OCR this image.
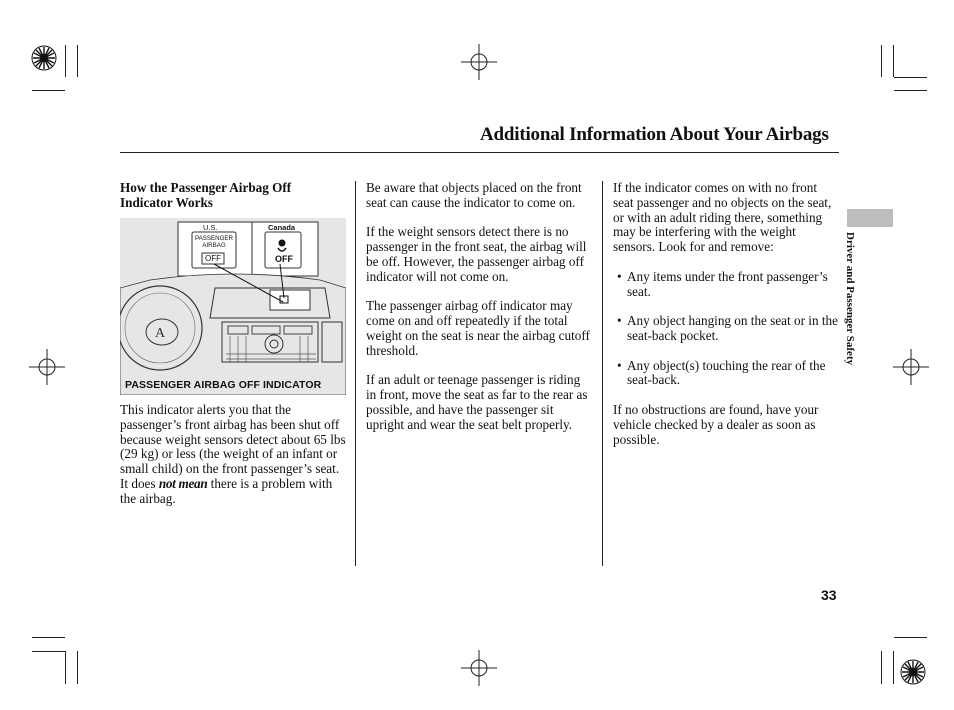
Additional Information About Your Airbags
Driver and Passenger Safety
How the Passenger Airbag Off
Indicator Works
A
U.S.	Canada
PASSENGER
AIRBAG
OFF	OFF
PASSENGER AIRBAG OFF INDICATOR

This indicator alerts you that the passenger’s front airbag has been shut off because weight sensors detect about 65 lbs (29 kg) or less (the weight of an infant or small child) on the front passenger’s seat. It does not mean there is a problem with the airbag.

Be aware that objects placed on the front seat can cause the indicator to come on.

If the weight sensors detect there is no passenger in the front seat, the airbag will be off. However, the passenger airbag off indicator will not come on.

The passenger airbag off indicator may come on and off repeatedly if the total weight on the seat is near the airbag cutoff threshold.

If an adult or teenage passenger is riding in front, move the seat as far to the rear as possible, and have the passenger sit upright and wear the seat belt properly.

If the indicator comes on with no front seat passenger and no objects on the seat, or with an adult riding there, something may be interfering with the weight sensors. Look for and remove:

• Any items under the front passenger’s seat.
• Any object hanging on the seat or in the seat-back pocket.
• Any object(s) touching the rear of the seat-back.

If no obstructions are found, have your vehicle checked by a dealer as soon as possible.

33
